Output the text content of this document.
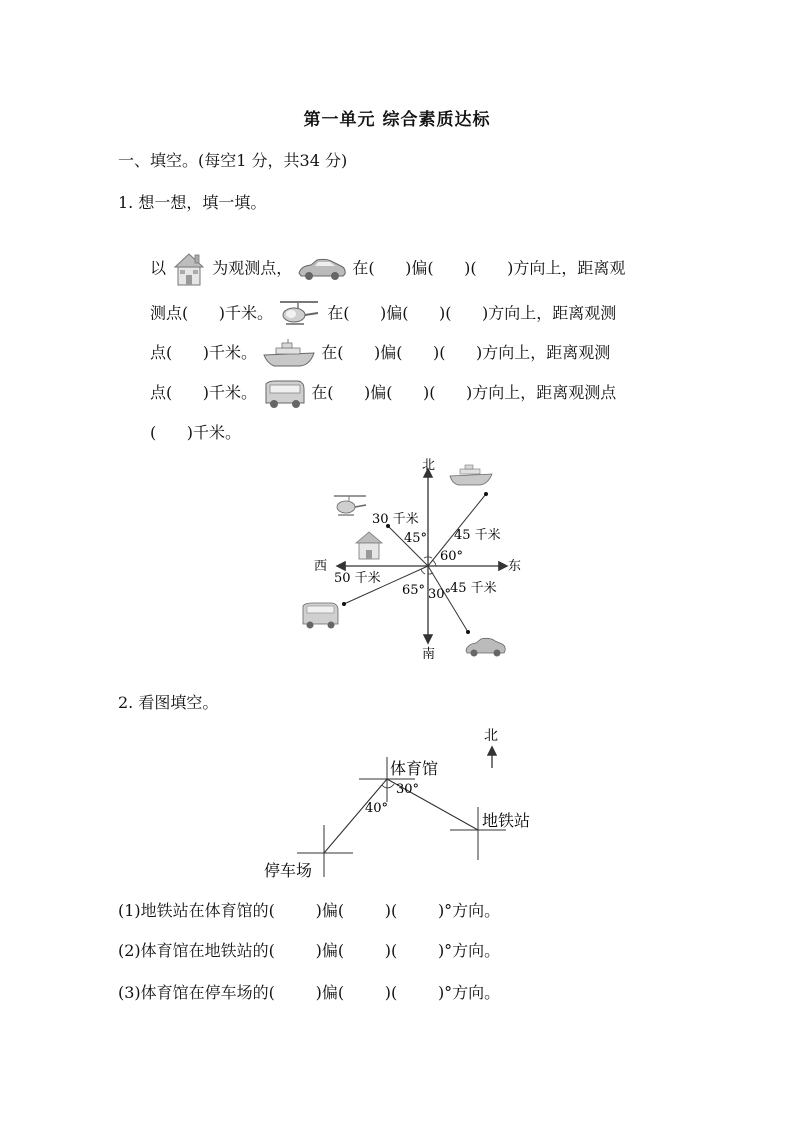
第一单元 综合素质达标
一、填空。(每空1 分，共34 分)
1. 想一想，填一填。
以	为观测点，	在(      )偏(      )(      )方向上，距离观
测点(      )千米。	在(      )偏(      )(      )方向上，距离观测
点(      )千米。	在(      )偏(      )(      )方向上，距离观测
点(      )千米。	在(      )偏(      )(      )方向上，距离观测点
(      )千米。
北
南
东
西
30 千米
45° 45 千米
60°
50 千米
65° 30°
45 千米
2. 看图填空。
北
体育馆
地铁站
停车场
30°
40°
(1)地铁站在体育馆的(        )偏(        )(        )°方向。
(2)体育馆在地铁站的(        )偏(        )(        )°方向。
(3)体育馆在停车场的(        )偏(        )(        )°方向。
